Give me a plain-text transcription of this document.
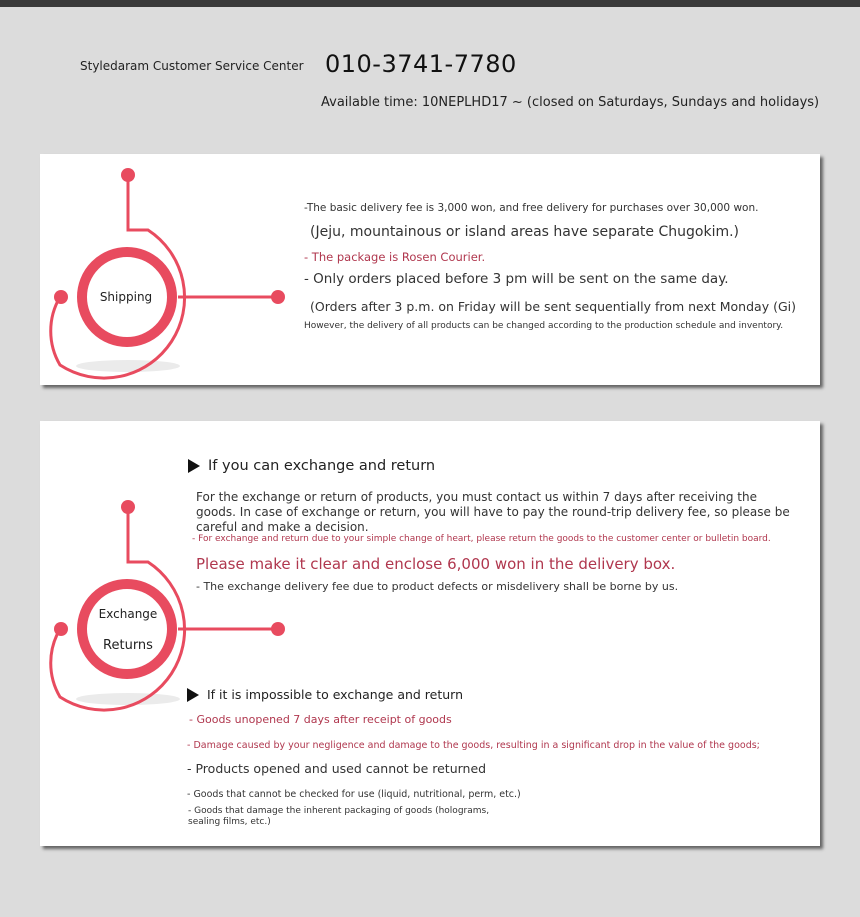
Styledaram Customer Service Center 010-3741-7780
Available time: 10NEPLHD17 ~ (closed on Saturdays, Sundays and holidays)
Shipping
-The basic delivery fee is 3,000 won, and free delivery for purchases over 30,000 won.
(Jeju, mountainous or island areas have separate Chugokim.)
- The package is Rosen Courier.
- Only orders placed before 3 pm will be sent on the same day.
(Orders after 3 p.m. on Friday will be sent sequentially from next Monday (Gi)
However, the delivery of all products can be changed according to the production schedule and inventory.
Exchange
Returns
If you can exchange and return
For the exchange or return of products, you must contact us within 7 days after receiving the goods. In case of exchange or return, you will have to pay the round-trip delivery fee, so please be careful and make a decision.
- For exchange and return due to your simple change of heart, please return the goods to the customer center or bulletin board.
Please make it clear and enclose 6,000 won in the delivery box.
- The exchange delivery fee due to product defects or misdelivery shall be borne by us.
If it is impossible to exchange and return
- Goods unopened 7 days after receipt of goods
- Damage caused by your negligence and damage to the goods, resulting in a significant drop in the value of the goods;
- Products opened and used cannot be returned
- Goods that cannot be checked for use (liquid, nutritional, perm, etc.)
- Goods that damage the inherent packaging of goods (holograms, sealing films, etc.)
